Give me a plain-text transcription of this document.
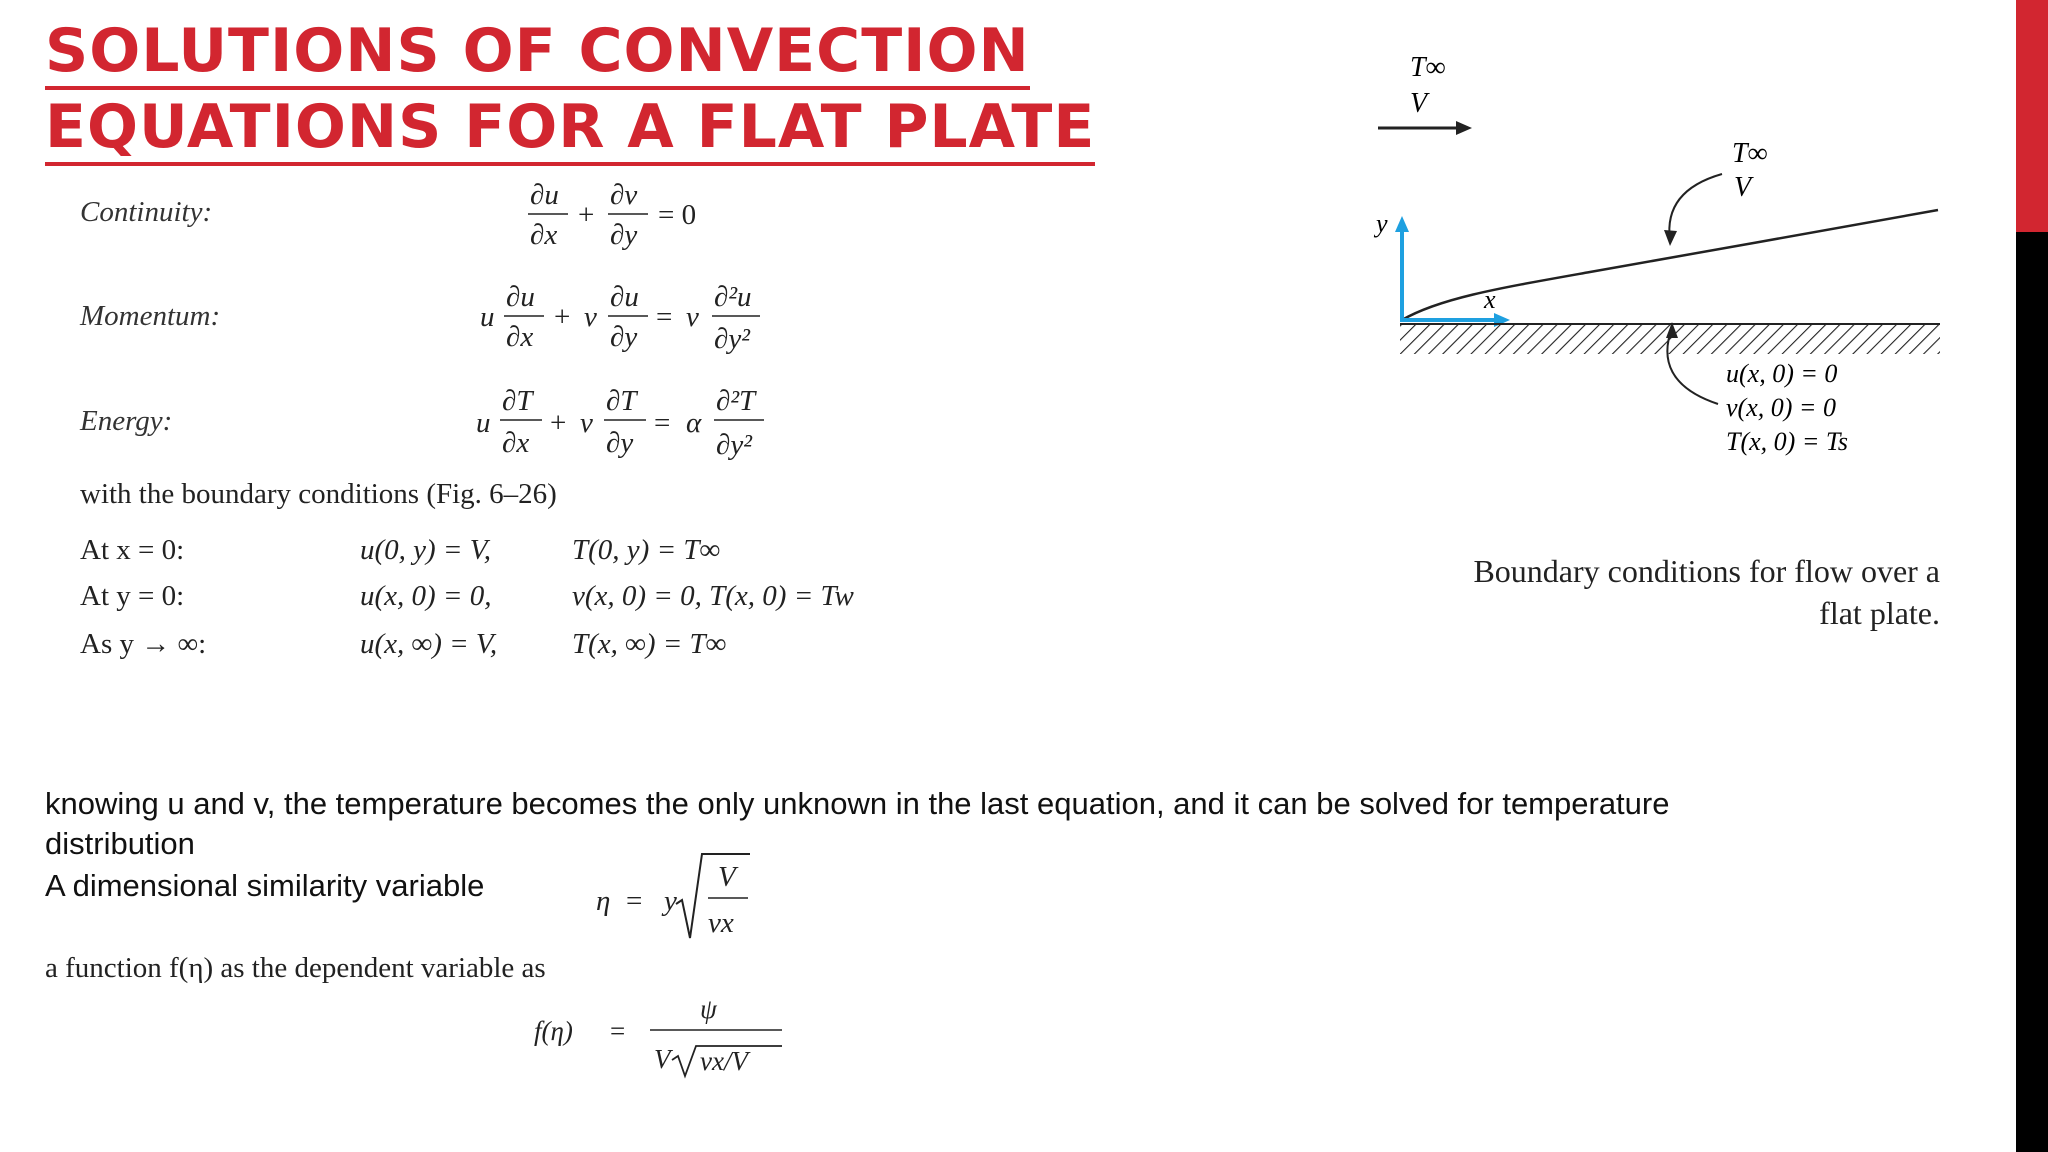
SOLUTIONS OF CONVECTION
EQUATIONS FOR A FLAT PLATE
Continuity:
Momentum:
Energy:
∂u
∂x
+
∂v
∂y
= 0
u
∂u
∂x
+ v
∂u
∂y
= v
∂²u
∂y²
u
∂T
∂x
+ v
∂T
∂y
= α
∂²T
∂y²
with the boundary conditions (Fig. 6–26)
At x = 0:	u(0, y) = V,	T(0, y) = T∞
At y = 0:	u(x, 0) = 0,	v(x, 0) = 0, T(x, 0) = Tw
As y → ∞:	u(x, ∞) = V,	T(x, ∞) = T∞
T∞
V
T∞
V
y
x
u(x, 0) = 0
v(x, 0) = 0
T(x, 0) = Ts
Boundary conditions for flow over a
flat plate.
knowing u and v, the temperature becomes the only unknown in the last equation, and it can be solved for temperature
distribution
A dimensional similarity variable	η = y
V
νx
a function f(η) as the dependent variable as
f(η) =
ψ
V νx/V
